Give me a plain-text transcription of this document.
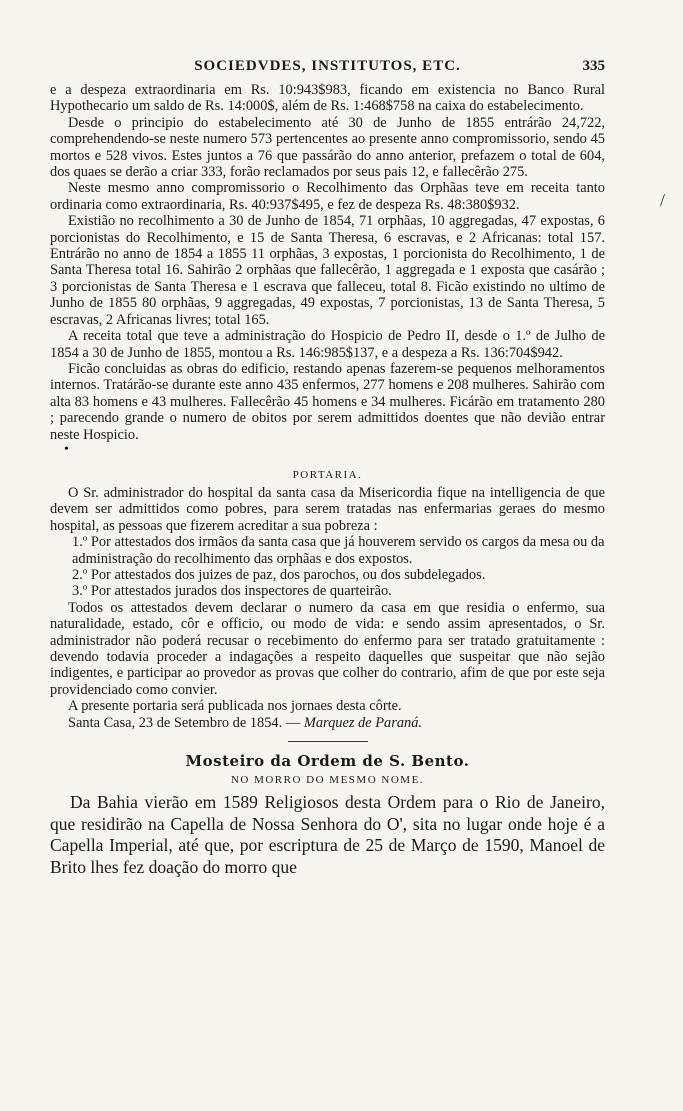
SOCIEDVDES, INSTITUTOS, ETC.	335

e a despeza extraordinaria em Rs. 10:943$983, ficando em existencia no Banco Rural Hypothecario um saldo de Rs. 14:000$, além de Rs. 1:468$758 na caixa do estabelecimento.

Desde o principio do estabelecimento até 30 de Junho de 1855 entrárão 24,722, comprehendendo-se neste numero 573 pertencentes ao presente anno compromissorio, sendo 45 mortos e 528 vivos. Estes juntos a 76 que passárão do anno anterior, prefazem o total de 604, dos quaes se derão a criar 333, forão reclamados por seus pais 12, e fallecêrão 275.

Neste mesmo anno compromissorio o Recolhimento das Orphãas teve em receita tanto ordinaria como extraordinaria, Rs. 40:937$495, e fez de despeza Rs. 48:380$932.

Existião no recolhimento a 30 de Junho de 1854, 71 orphãas, 10 aggregadas, 47 expostas, 6 porcionistas do Recolhimento, e 15 de Santa Theresa, 6 escravas, e 2 Africanas: total 157. Entrárão no anno de 1854 a 1855 11 orphãas, 3 expostas, 1 porcionista do Recolhimento, 1 de Santa Theresa total 16. Sahirão 2 orphãas que fallecêrão, 1 aggregada e 1 exposta que casárão ; 3 porcionistas de Santa Theresa e 1 escrava que falleceu, total 8. Ficão existindo no ultimo de Junho de 1855 80 orphãas, 9 aggregadas, 49 expostas, 7 porcionistas, 13 de Santa Theresa, 5 escravas, 2 Africanas livres; total 165.

A receita total que teve a administração do Hospicio de Pedro II, desde o 1.º de Julho de 1854 a 30 de Junho de 1855, montou a Rs. 146:985$137, e a despeza a Rs. 136:704$942.

Ficão concluidas as obras do edificio, restando apenas fazerem-se pequenos melhoramentos internos. Tratárão-se durante este anno 435 enfermos, 277 homens e 208 mulheres. Sahirão com alta 83 homens e 43 mulheres. Fallecêrão 45 homens e 34 mulheres. Ficárão em tratamento 280 ; parecendo grande o numero de obitos por serem admittidos doentes que não devião entrar neste Hospicio.

•
PORTARIA.

O Sr. administrador do hospital da santa casa da Misericordia fique na intelligencia de que devem ser admittidos como pobres, para serem tratadas nas enfermarias geraes do mesmo hospital, as pessoas que fizerem acreditar a sua pobreza :

1.º Por attestados dos irmãos da santa casa que já houverem servido os cargos da mesa ou da administração do recolhimento das orphãas e dos expostos.

2.º Por attestados dos juizes de paz, dos parochos, ou dos subdelegados.

3.º Por attestados jurados dos inspectores de quarteirão.

Todos os attestados devem declarar o numero da casa em que residia o enfermo, sua naturalidade, estado, côr e officio, ou modo de vida: e sendo assim apresentados, o Sr. administrador não poderá recusar o recebimento do enfermo para ser tratado gratuitamente : devendo todavia proceder a indagações a respeito daquelles que suspeitar que não sejão indigentes, e participar ao provedor as provas que colher do contrario, afim de que por este seja providenciado como convier.

A presente portaria será publicada nos jornaes desta côrte.

Santa Casa, 23 de Setembro de 1854. — Marquez de Paraná.

Mosteiro da Ordem de S. Bento.
NO MORRO DO MESMO NOME.

Da Bahia vierão em 1589 Religiosos desta Ordem para o Rio de Janeiro, que residirão na Capella de Nossa Senhora do O', sita no lugar onde hoje é a Capella Imperial, até que, por escriptura de 25 de Março de 1590, Manoel de Brito lhes fez doação do morro que

/
